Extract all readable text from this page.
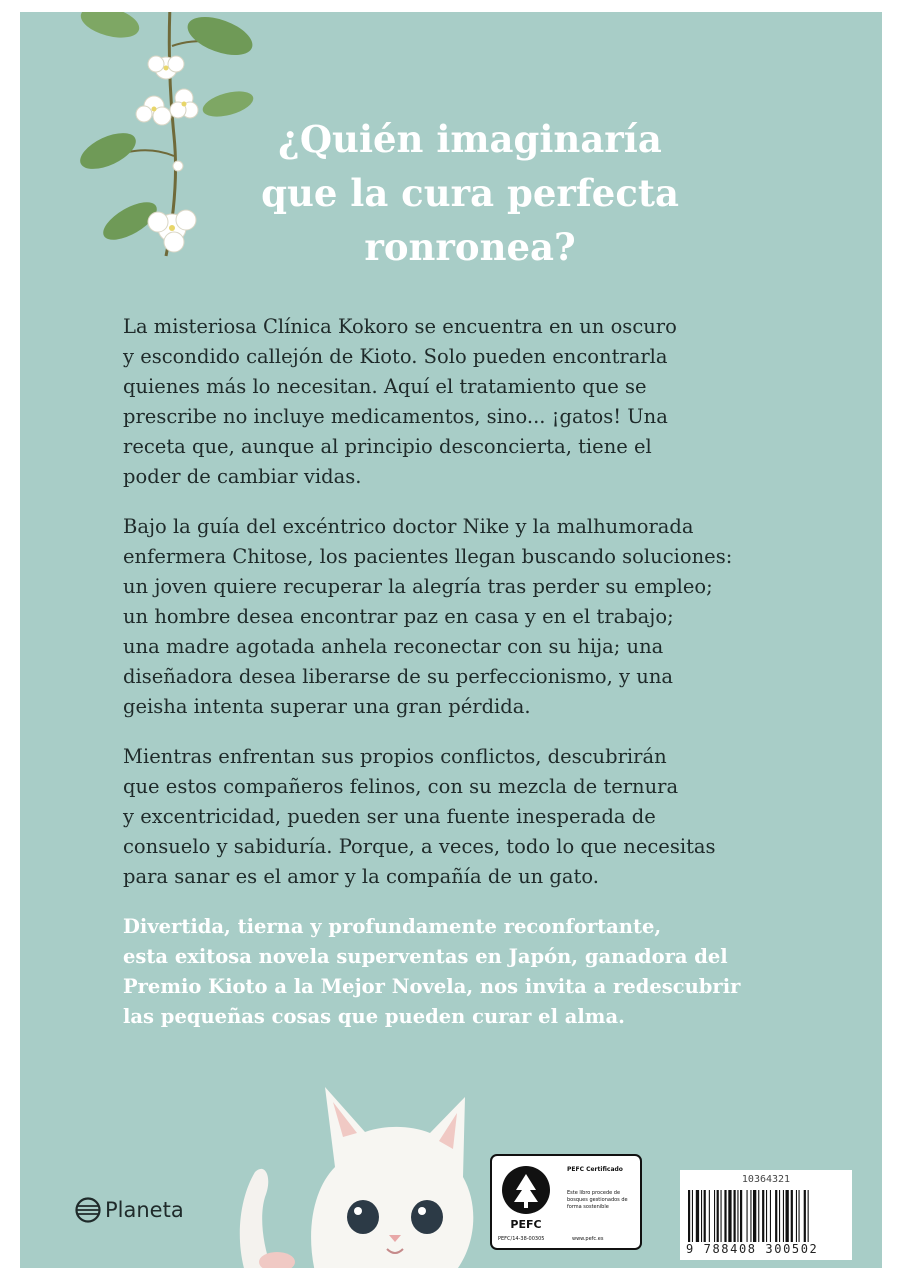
¿Quién imaginaría
que la cura perfecta
ronronea?

La misteriosa Clínica Kokoro se encuentra en un oscuro
y escondido callejón de Kioto. Solo pueden encontrarla
quienes más lo necesitan. Aquí el tratamiento que se
prescribe no incluye medicamentos, sino... ¡gatos! Una
receta que, aunque al principio desconcierta, tiene el
poder de cambiar vidas.

Bajo la guía del excéntrico doctor Nike y la malhumorada
enfermera Chitose, los pacientes llegan buscando soluciones:
un joven quiere recuperar la alegría tras perder su empleo;
un hombre desea encontrar paz en casa y en el trabajo;
una madre agotada anhela reconectar con su hija; una
diseñadora desea liberarse de su perfeccionismo, y una
geisha intenta superar una gran pérdida.

Mientras enfrentan sus propios conflictos, descubrirán
que estos compañeros felinos, con su mezcla de ternura
y excentricidad, pueden ser una fuente inesperada de
consuelo y sabiduría. Porque, a veces, todo lo que necesitas
para sanar es el amor y la compañía de un gato.

Divertida, tierna y profundamente reconfortante,
esta exitosa novela superventas en Japón, ganadora del
Premio Kioto a la Mejor Novela, nos invita a redescubrir
las pequeñas cosas que pueden curar el alma.

Planeta
PEFC
PEFC/14-38-00305
PEFC Certificado
Este libro procede de bosques gestionados de forma sostenible
www.pefc.es
10364321
9 788408 300502
